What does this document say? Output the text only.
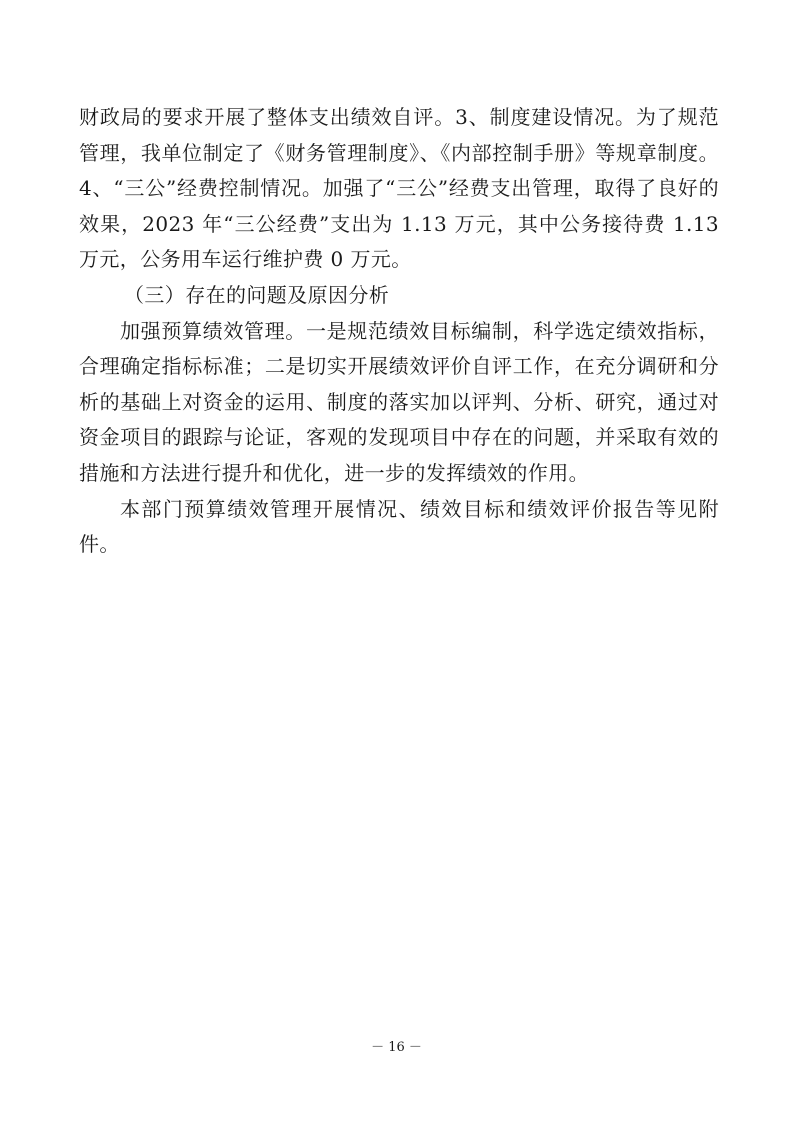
财政局的要求开展了整体支出绩效自评。3、制度建设情况。为了规范管理，我单位制定了《财务管理制度》、《内部控制手册》等规章制度。4、“三公”经费控制情况。加强了“三公”经费支出管理，取得了良好的效果，2023 年“三公经费”支出为 1.13 万元，其中公务接待费 1.13 万元，公务用车运行维护费 0 万元。

（三）存在的问题及原因分析

加强预算绩效管理。一是规范绩效目标编制，科学选定绩效指标，合理确定指标标准；二是切实开展绩效评价自评工作，在充分调研和分析的基础上对资金的运用、制度的落实加以评判、分析、研究，通过对资金项目的跟踪与论证，客观的发现项目中存在的问题，并采取有效的措施和方法进行提升和优化，进一步的发挥绩效的作用。

本部门预算绩效管理开展情况、绩效目标和绩效评价报告等见附件。

－ 16 －
